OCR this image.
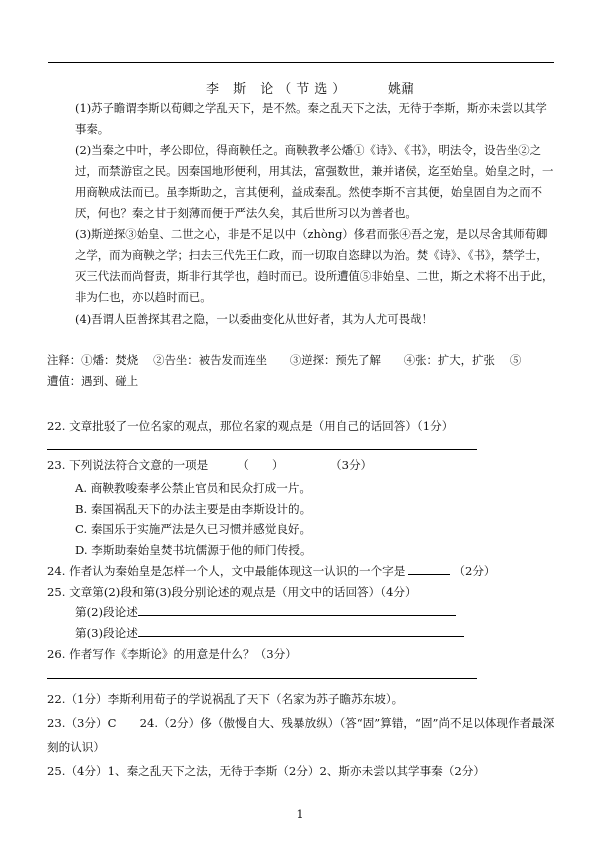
李 斯 论（节选）	姚鼐

(1)苏子瞻谓李斯以荀卿之学乱天下，是不然。秦之乱天下之法，无待于李斯，斯亦未尝以其学事秦。

(2)当秦之中叶，孝公即位，得商鞅任之。商鞅教孝公燔①《诗》、《书》，明法令，设告坐②之过，而禁游宦之民。因秦国地形便利，用其法，富强数世，兼并诸侯，迄至始皇。始皇之时，一用商鞅成法而已。虽李斯助之，言其便利，益成秦乱。然使李斯不言其便，始皇固自为之而不厌，何也？秦之甘于刻薄而便于严法久矣，其后世所习以为善者也。

(3)斯逆探③始皇、二世之心，非是不足以中（zhòng）侈君而张④吾之宠，是以尽舍其师荀卿之学，而为商鞅之学；扫去三代先王仁政，而一切取自恣肆以为治。焚《诗》、《书》，禁学士，灭三代法而尚督责，斯非行其学也，趋时而已。设所遭值⑤非始皇、二世，斯之术将不出于此，非为仁也，亦以趋时而已。

(4)吾谓人臣善探其君之隐，一以委曲变化从世好者，其为人尤可畏哉！

注释：①燔：焚烧　 ②告坐：被告发而连坐　　③逆探：预先了解　　④张：扩大，扩张　 ⑤
遭值：遇到、碰上
22. 文章批驳了一位名家的观点，那位名家的观点是（用自己的话回答）（1分）
23. 下列说法符合文意的一项是　　　（　　）　　　　　（3分）
A. 商鞅教唆秦孝公禁止官员和民众打成一片。
B. 秦国祸乱天下的办法主要是由李斯设计的。
C. 秦国乐于实施严法是久已习惯并感觉良好。
D. 李斯助秦始皇焚书坑儒源于他的师门传授。
24. 作者认为秦始皇是怎样一个人，文中最能体现这一认识的一个字是	（2分）
25. 文章第(2)段和第(3)段分别论述的观点是（用文中的话回答）（4分）
第(2)段论述
第(3)段论述
26. 作者写作《李斯论》的用意是什么？（3分）
22.（1分）李斯利用荀子的学说祸乱了天下（名家为苏子瞻苏东坡）。
23.（3分）C　　24.（2分）侈（傲慢自大、残暴放纵）（答“固”算错，“固”尚不足以体现作者最深刻的认识）
25.（4分）1、秦之乱天下之法，无待于李斯（2分）2、斯亦未尝以其学事秦（2分）
1
